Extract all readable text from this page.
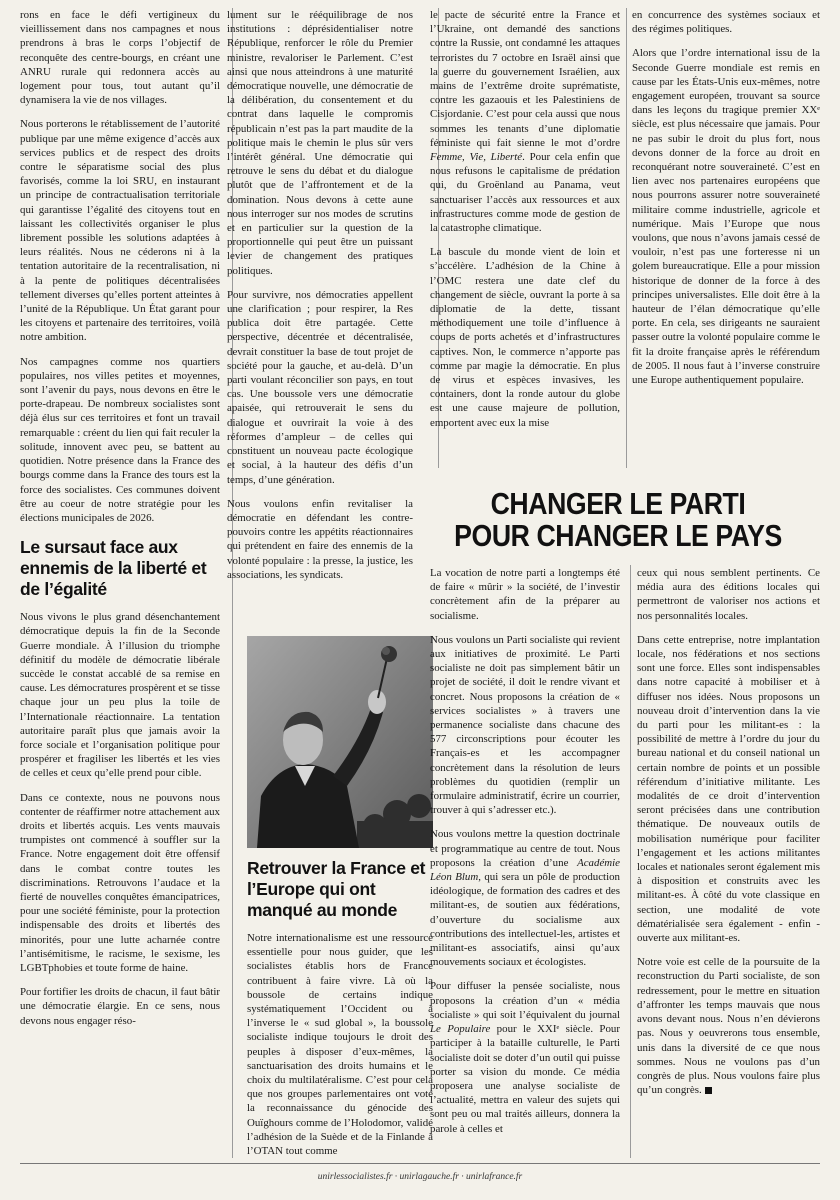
rons en face le défi vertigineux du vieillissement dans nos campagnes et nous prendrons à bras le corps l’objectif de reconquête des centre-bourgs, en créant une ANRU rurale qui redonnera accès au logement pour tous, tout autant qu’il dynamisera la vie de nos villages.

Nous porterons le rétablissement de l’autorité publique par une même exigence d’accès aux services publics et de respect des droits contre le séparatisme social des plus favorisés, comme la loi SRU, en instaurant un principe de contractualisation territoriale qui garantisse l’égalité des citoyens tout en laissant les collectivités organiser le plus librement possible les solutions adaptées à leurs réalités. Nous ne céderons ni à la tentation autoritaire de la recentralisation, ni à la pente de politiques décentralisées tellement diverses qu’elles portent atteintes à l’unité de la République. Un État garant pour les citoyens et partenaire des territoires, voilà notre ambition.

Nos campagnes comme nos quartiers populaires, nos villes petites et moyennes, sont l’avenir du pays, nous devons en être le porte-drapeau. De nombreux socialistes sont déjà élus sur ces territoires et font un travail remarquable : créent du lien qui fait reculer la solitude, innovent avec peu, se battent au quotidien. Notre présence dans la France des bourgs comme dans la France des tours est la force des socialistes. Ces communes doivent être au coeur de notre stratégie pour les élections municipales de 2026.

Le sursaut face aux ennemis de la liberté et de l’égalité

Nous vivons le plus grand désenchantement démocratique depuis la fin de la Seconde Guerre mondiale. À l’illusion du triomphe définitif du modèle de démocratie libérale succède le constat accablé de sa remise en cause. Les démocratures prospèrent et se tisse chaque jour un peu plus la toile de l’Internationale réactionnaire. La tentation autoritaire paraît plus que jamais avoir la force sociale et l’organisation politique pour prospérer et fragiliser les libertés et les vies de celles et ceux qu’elle prend pour cible.

Dans ce contexte, nous ne pouvons nous contenter de réaffirmer notre attachement aux droits et libertés acquis. Les vents mauvais trumpistes ont commencé à souffler sur la France. Notre engagement doit être offensif dans le combat contre toutes les discriminations. Retrouvons l’audace et la fierté de nouvelles conquêtes émancipatrices, pour une société féministe, pour la protection indispensable des droits et libertés des minorités, pour une lutte acharnée contre l’antisémitisme, le racisme, le sexisme, les LGBTphobies et toute forme de haine.

Pour fortifier les droits de chacun, il faut bâtir une démocratie élargie. En ce sens, nous devons nous engager réso-

lument sur le rééquilibrage de nos institutions : déprésidentialiser notre République, renforcer le rôle du Premier ministre, revaloriser le Parlement. C’est ainsi que nous atteindrons à une maturité démocratique nouvelle, une démocratie de la délibération, du consentement et du contrat dans laquelle le compromis républicain n’est pas la part maudite de la politique mais le chemin le plus sûr vers l’intérêt général. Une démocratie qui retrouve le sens du débat et du dialogue plutôt que de l’affrontement et de la domination. Nous devons à cette aune nous interroger sur nos modes de scrutins et en particulier sur la question de la proportionnelle qui peut être un puissant levier de changement des pratiques politiques.

Pour survivre, nos démocraties appellent une clarification ; pour respirer, la Res publica doit être partagée. Cette perspective, décentrée et décentralisée, devrait constituer la base de tout projet de société pour la gauche, et au-delà. D’un parti voulant réconcilier son pays, en tout cas. Une boussole vers une démocratie apaisée, qui retrouverait le sens du dialogue et ouvrirait la voie à des réformes d’ampleur – de celles qui constituent un nouveau pacte écologique et social, à la hauteur des défis d’un temps, d’une génération.

Nous voulons enfin revitaliser la démocratie en défendant les contre-pouvoirs contre les appétits réactionnaires qui prétendent en faire des ennemis de la volonté populaire : la presse, la justice, les associations, les syndicats.

Retrouver la France et l’Europe qui ont manqué au monde

Notre internationalisme est une ressource essentielle pour nous guider, que les socialistes établis hors de France contribuent à faire vivre. Là où la boussole de certains indique systématiquement l’Occident ou à l’inverse le « sud global », la boussole socialiste indique toujours le droit des peuples à disposer d’eux-mêmes, la sanctuarisation des droits humains et le choix du multilatéralisme. C’est pour cela que nos groupes parlementaires ont voté la reconnaissance du génocide des Ouïghours comme de l’Holodomor, validé l’adhésion de la Suède et de la Finlande à l’OTAN tout comme

le pacte de sécurité entre la France et l’Ukraine, ont demandé des sanctions contre la Russie, ont condamné les attaques terroristes du 7 octobre en Israël ainsi que la guerre du gouvernement Israélien, aux mains de l’extrême droite suprématiste, contre les gazaouis et les Palestiniens de Cisjordanie. C’est pour cela aussi que nous sommes les tenants d’une diplomatie féministe qui fait sienne le mot d’ordre Femme, Vie, Liberté. Pour cela enfin que nous refusons le capitalisme de prédation qui, du Groënland au Panama, veut sanctuariser l’accès aux ressources et aux infrastructures comme mode de gestion de la catastrophe climatique.

La bascule du monde vient de loin et s’accélère. L’adhésion de la Chine à l’OMC restera une date clef du changement de siècle, ouvrant la porte à sa diplomatie de la dette, tissant méthodiquement une toile d’influence à coups de ports achetés et d’infrastructures captives. Non, le commerce n’apporte pas comme par magie la démocratie. En plus de virus et espèces invasives, les containers, dont la ronde autour du globe est une cause majeure de pollution, emportent avec eux la mise

en concurrence des systèmes sociaux et des régimes politiques.

Alors que l’ordre international issu de la Seconde Guerre mondiale est remis en cause par les États-Unis eux-mêmes, notre engagement européen, trouvant sa source dans les leçons du tragique premier XXᵉ siècle, est plus nécessaire que jamais. Pour ne pas subir le droit du plus fort, nous devons donner de la force au droit en reconquérant notre souveraineté. C’est en lien avec nos partenaires européens que nous pourrons assurer notre souveraineté militaire comme industrielle, agricole et numérique. Mais l’Europe que nous voulons, que nous n’avons jamais cessé de vouloir, n’est pas une forteresse ni un golem bureaucratique. Elle a pour mission historique de donner de la force à des principes universalistes. Elle doit être à la hauteur de l’élan démocratique qu’elle porte. En cela, ses dirigeants ne sauraient passer outre la volonté populaire comme le fit la droite française après le référendum de 2005. Il nous faut à l’inverse construire une Europe authentiquement populaire.

CHANGER LE PARTI
POUR CHANGER LE PAYS

La vocation de notre parti a longtemps été de faire « mûrir » la société, de l’investir concrètement afin de la préparer au socialisme.

Nous voulons un Parti socialiste qui revient aux initiatives de proximité. Le Parti socialiste ne doit pas simplement bâtir un projet de société, il doit le rendre vivant et concret. Nous proposons la création de « services socialistes » à travers une permanence socialiste dans chacune des 577 circonscriptions pour écouter les Français-es et les accompagner concrètement dans la résolution de leurs problèmes du quotidien (remplir un formulaire administratif, écrire un courrier, trouver à qui s’adresser etc.).

Nous voulons mettre la question doctrinale et programmatique au centre de tout. Nous proposons la création d’une Académie Léon Blum, qui sera un pôle de production idéologique, de formation des cadres et des militant-es, de soutien aux fédérations, d’ouverture du socialisme aux contributions des intellectuel-les, artistes et militant-es associatifs, ainsi qu’aux mouvements sociaux et écologistes.

Pour diffuser la pensée socialiste, nous proposons la création d’un « média socialiste » qui soit l’équivalent du journal Le Populaire pour le XXIᵉ siècle. Pour participer à la bataille culturelle, le Parti socialiste doit se doter d’un outil qui puisse porter sa vision du monde. Ce média proposera une analyse socialiste de l’actualité, mettra en valeur des sujets qui sont peu ou mal traités ailleurs, donnera la parole à celles et

ceux qui nous semblent pertinents. Ce média aura des éditions locales qui permettront de valoriser nos actions et nos personnalités locales.

Dans cette entreprise, notre implantation locale, nos fédérations et nos sections sont une force. Elles sont indispensables dans notre capacité à mobiliser et à diffuser nos idées. Nous proposons un nouveau droit d’intervention dans la vie du parti pour les militant-es : la possibilité de mettre à l’ordre du jour du bureau national et du conseil national un certain nombre de points et un possible référendum d’initiative militante. Les modalités de ce droit d’intervention seront précisées dans une contribution thématique. De nouveaux outils de mobilisation numérique pour faciliter l’engagement et les actions militantes locales et nationales seront également mis à disposition et construits avec les militant-es. À côté du vote classique en section, une modalité de vote dématérialisée sera également - enfin - ouverte aux militant-es.

Notre voie est celle de la poursuite de la reconstruction du Parti socialiste, de son redressement, pour le mettre en situation d’affronter les temps mauvais que nous avons devant nous. Nous n’en dévierons pas. Nous y oeuvrerons tous ensemble, unis dans la diversité de ce que nous sommes. Nous ne voulons pas d’un congrès de plus. Nous voulons faire plus qu’un congrès.

unirlessocialistes.fr · unirlagauche.fr · unirlafrance.fr
